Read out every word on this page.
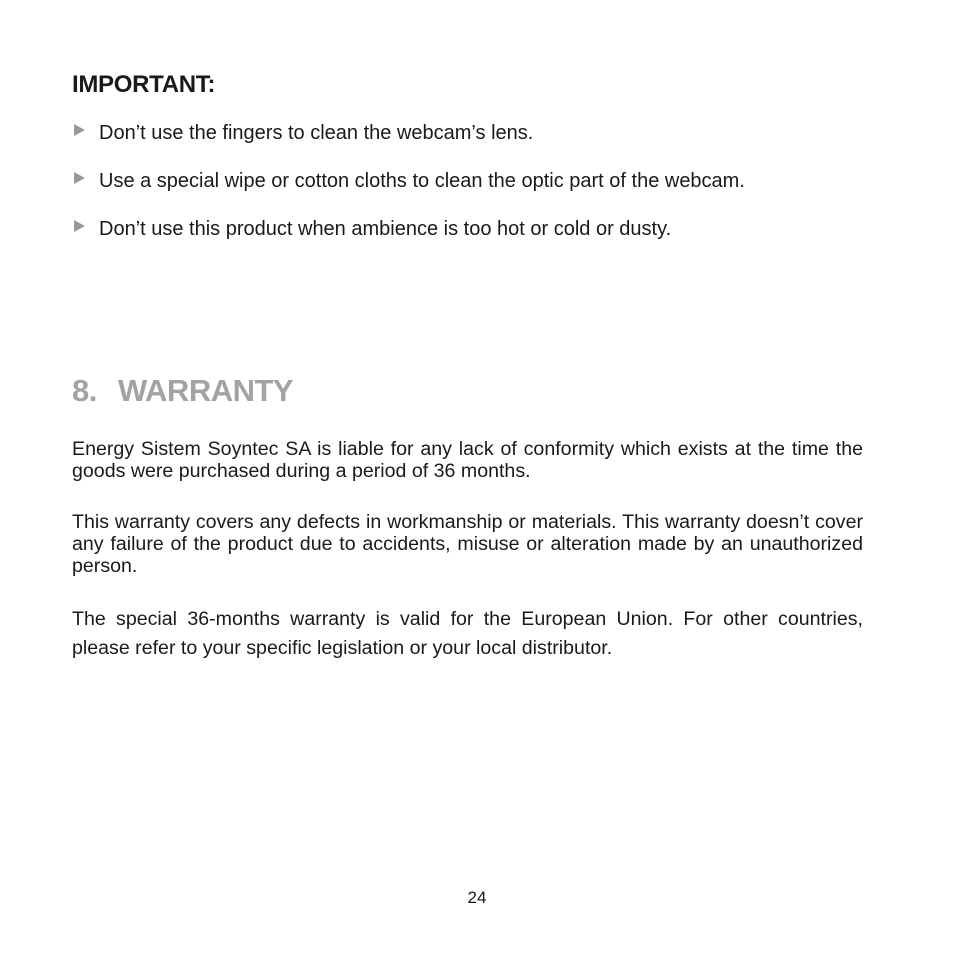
IMPORTANT:
Don’t use the fingers to clean the webcam’s lens.
Use a special wipe or cotton cloths to clean the optic part of the webcam.
Don’t use this product when ambience is too hot or cold or dusty.
8. WARRANTY

Energy Sistem Soyntec SA is liable for any lack of conformity which exists at the time the goods were purchased during a period of 36 months.

This warranty covers any defects in workmanship or materials. This warranty doesn’t cover any failure of the product due to accidents, misuse or alteration made by an unauthorized person.

The special 36-months warranty is valid for the European Union. For other countries, please refer to your specific legislation or your local distributor.

24
